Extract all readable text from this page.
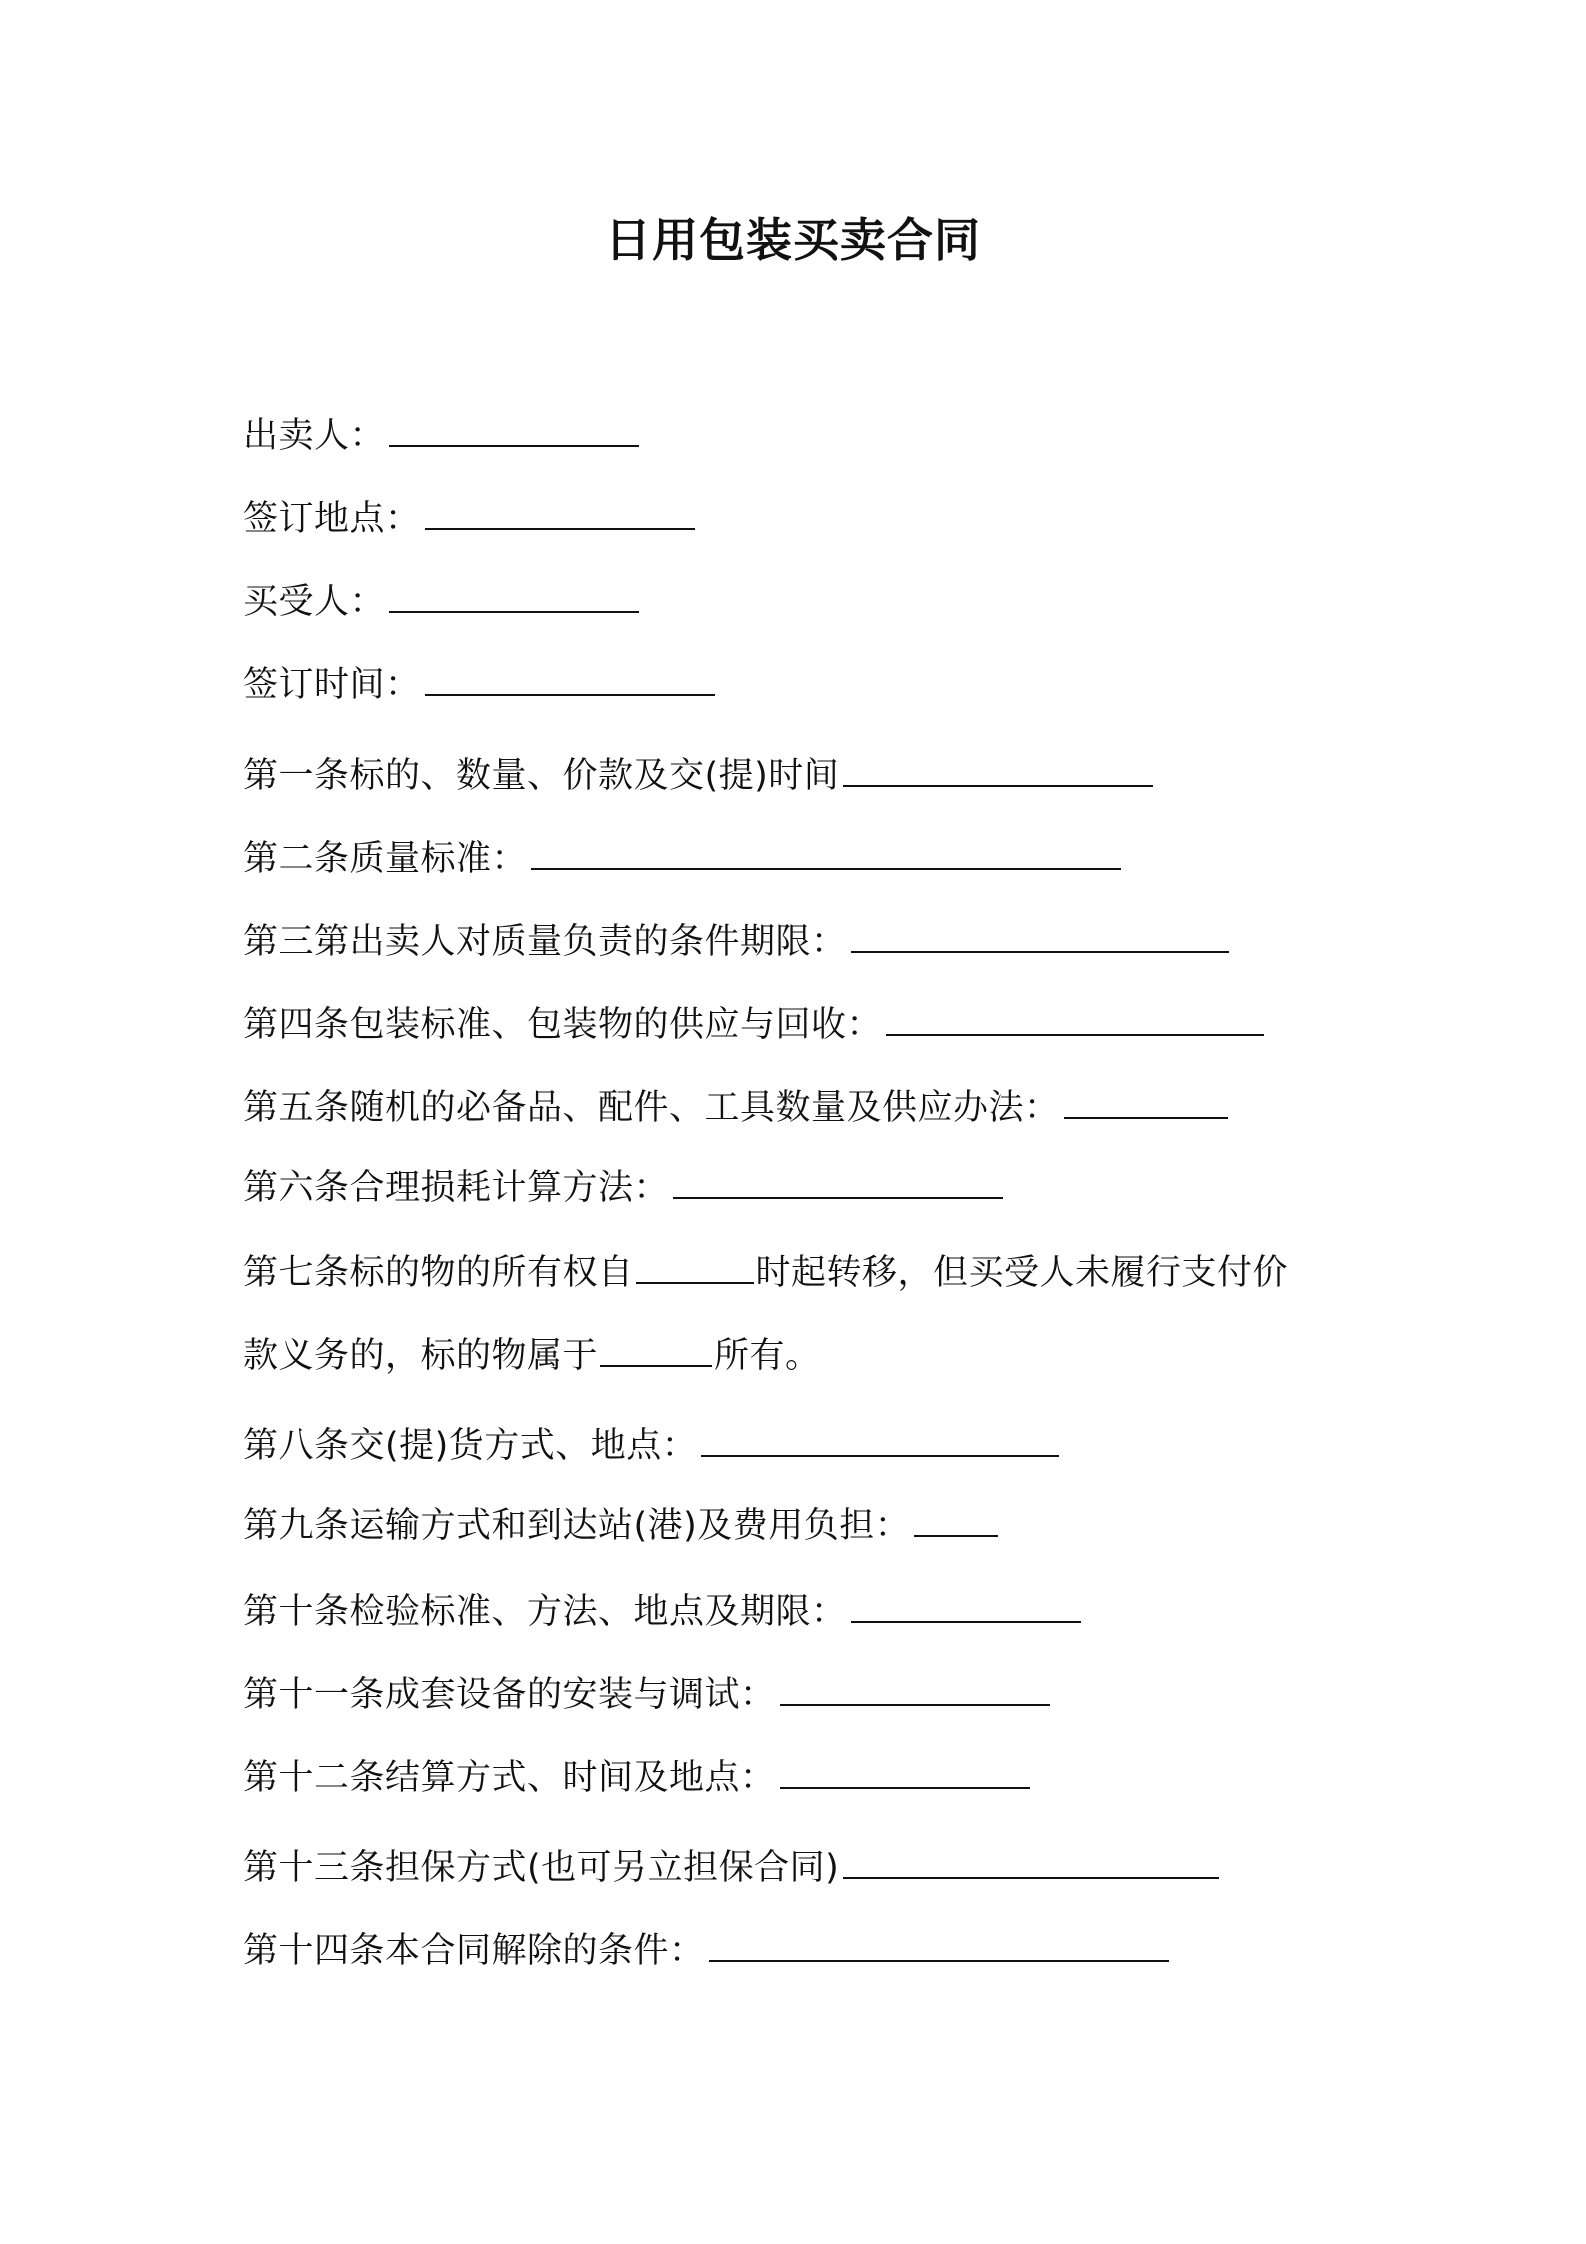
日用包装买卖合同
出卖人：
签订地点：
买受人：
签订时间：
第一条标的、数量、价款及交(提)时间
第二条质量标准：
第三第出卖人对质量负责的条件期限：
第四条包装标准、包装物的供应与回收：
第五条随机的必备品、配件、工具数量及供应办法：
第六条合理损耗计算方法：
第七条标的物的所有权自	时起转移，但买受人未履行支付价
款义务的，标的物属于	所有。
第八条交(提)货方式、地点：
第九条运输方式和到达站(港)及费用负担：
第十条检验标准、方法、地点及期限：
第十一条成套设备的安装与调试：
第十二条结算方式、时间及地点：
第十三条担保方式(也可另立担保合同)
第十四条本合同解除的条件：
